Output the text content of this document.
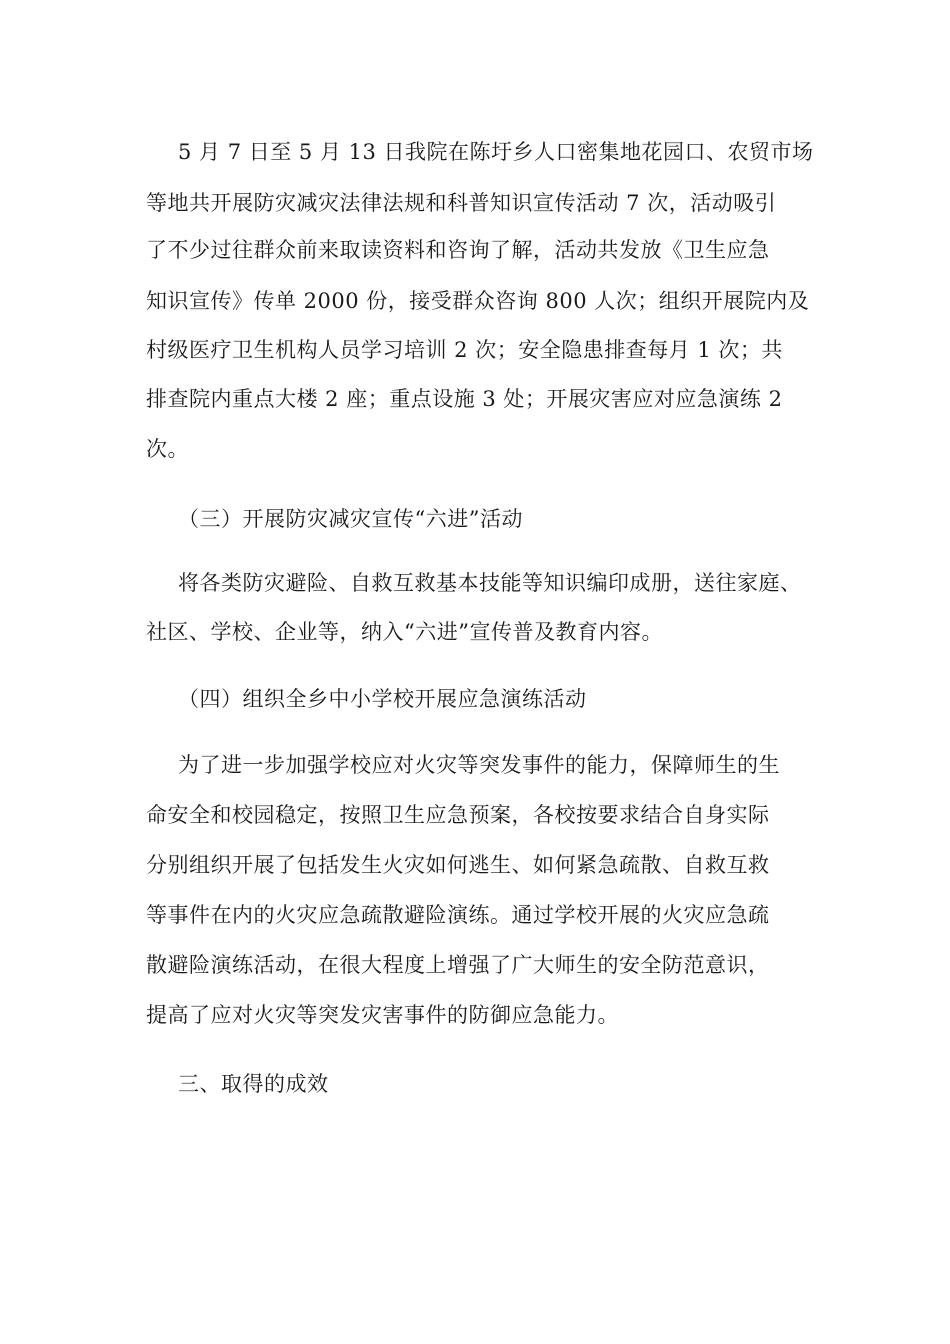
5 月 7 日至 5 月 13 日我院在陈圩乡人口密集地花园口、农贸市场
等地共开展防灾减灾法律法规和科普知识宣传活动 7 次，活动吸引
了不少过往群众前来取读资料和咨询了解，活动共发放《卫生应急
知识宣传》传单 2000 份，接受群众咨询 800 人次；组织开展院内及
村级医疗卫生机构人员学习培训 2 次；安全隐患排查每月 1 次；共
排查院内重点大楼 2 座；重点设施 3 处；开展灾害应对应急演练 2
次。
（三）开展防灾减灾宣传“六进”活动
将各类防灾避险、自救互救基本技能等知识编印成册，送往家庭、
社区、学校、企业等，纳入“六进”宣传普及教育内容。
（四）组织全乡中小学校开展应急演练活动
为了进一步加强学校应对火灾等突发事件的能力，保障师生的生
命安全和校园稳定，按照卫生应急预案，各校按要求结合自身实际
分别组织开展了包括发生火灾如何逃生、如何紧急疏散、自救互救
等事件在内的火灾应急疏散避险演练。通过学校开展的火灾应急疏
散避险演练活动，在很大程度上增强了广大师生的安全防范意识，
提高了应对火灾等突发灾害事件的防御应急能力。
三、取得的成效
